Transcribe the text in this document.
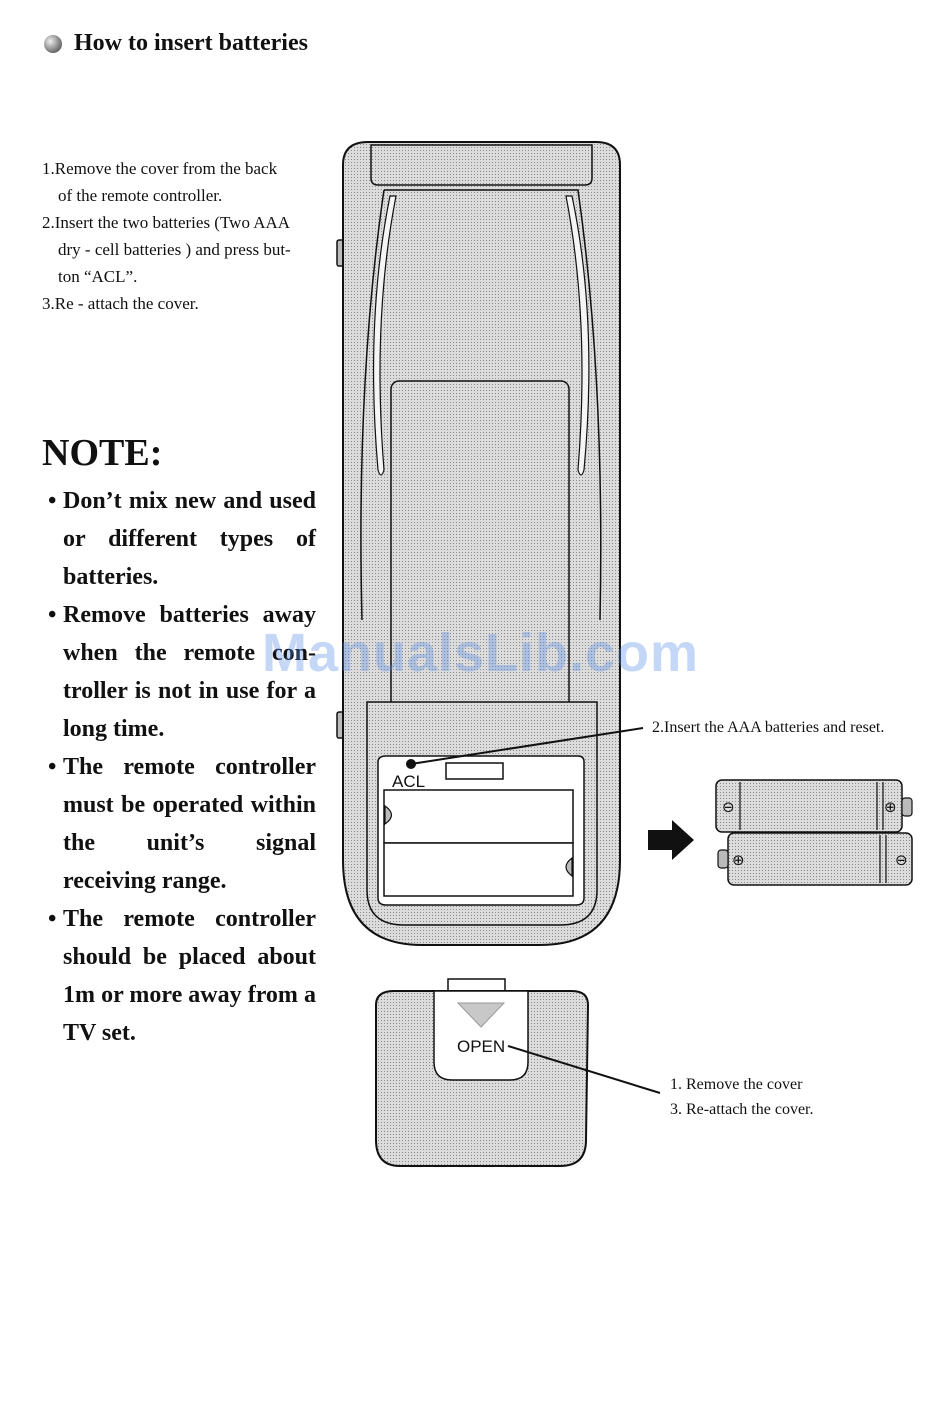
How to insert batteries

1.Remove the cover from the back

of the remote controller.

2.Insert the two batteries (Two AAA

dry - cell batteries ) and press but-

ton “ACL”.

3.Re - attach the cover.

NOTE:
• Don’t mix new and used or different types of batteries.
• Remove batteries away when the remote con-troller is not in use for a long time.
• The remote controller must be operated within the unit’s signal receiving range.
• The remote controller should be placed about 1m or more away from a TV set.
ACL
⊖	⊕
⊕	⊖
OPEN
2.Insert the AAA batteries and reset.
1. Remove the cover
3. Re-attach the cover.
ManualsLib.com
